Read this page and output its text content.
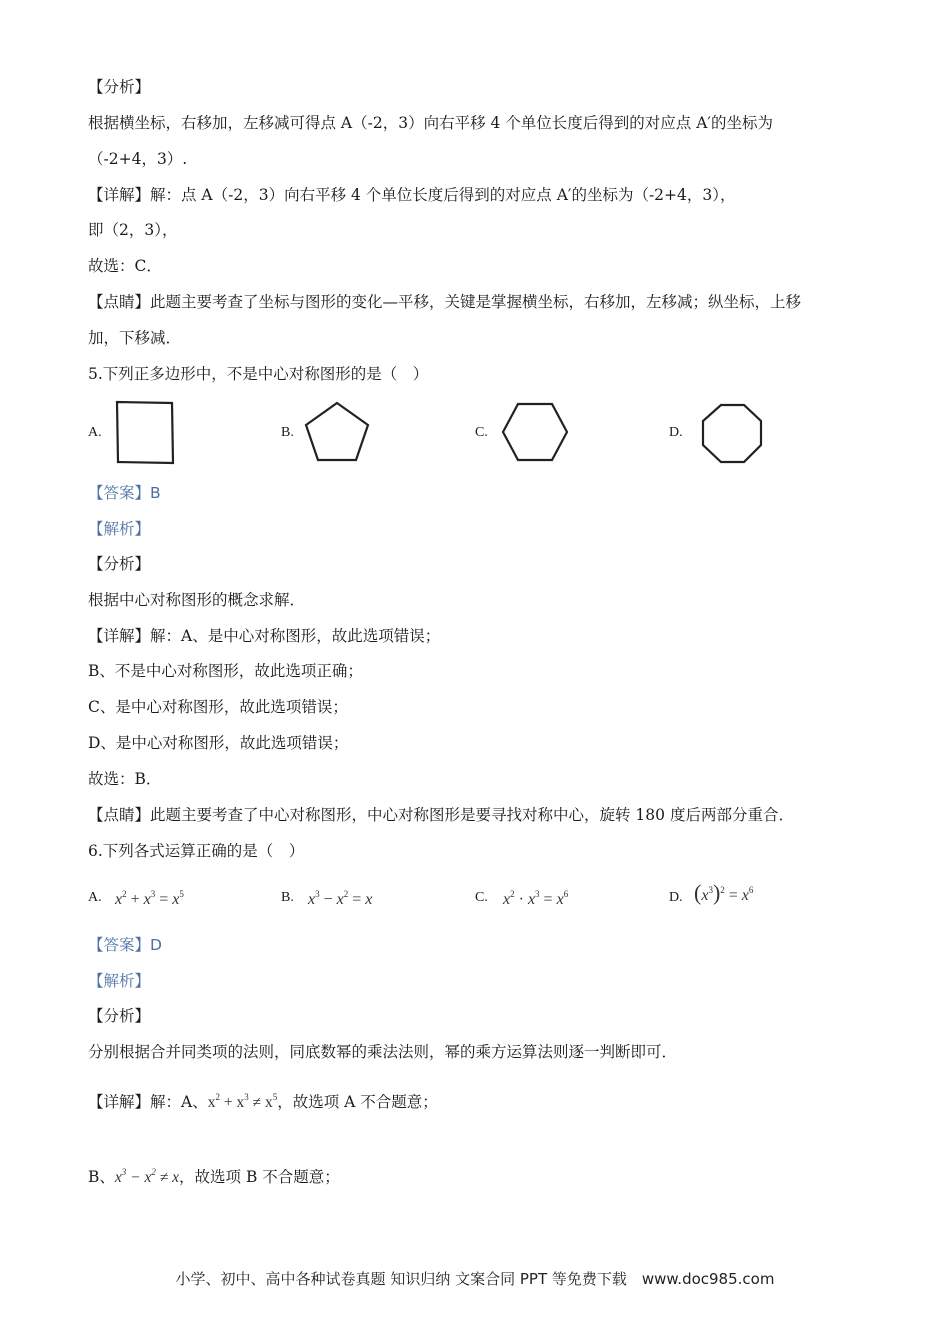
【分析】
根据横坐标，右移加，左移减可得点 A（-2，3）向右平移 4 个单位长度后得到的对应点 A′的坐标为
（-2+4，3）.
【详解】解：点 A（-2，3）向右平移 4 个单位长度后得到的对应点 A′的坐标为（-2+4，3），
即（2，3），
故选：C．
【点睛】此题主要考查了坐标与图形的变化—平移，关键是掌握横坐标，右移加，左移减；纵坐标，上移
加，下移减．
5.下列正多边形中，不是中心对称图形的是（　）
A.	B.	C.	D.
【答案】B
【解析】
【分析】
根据中心对称图形的概念求解．
【详解】解：A、是中心对称图形，故此选项错误；
B、不是中心对称图形，故此选项正确；
C、是中心对称图形，故此选项错误；
D、是中心对称图形，故此选项错误；
故选：B．
【点睛】此题主要考查了中心对称图形，中心对称图形是要寻找对称中心，旋转 180 度后两部分重合．
6.下列各式运算正确的是（　）
A. $x^2 + x^3 = x^5$	B. $x^3 - x^2 = x$	C. $x^2 \cdot x^3 = x^6$	D. $(x^3)^2 = x^6$
【答案】D
【解析】
【分析】
分别根据合并同类项的法则，同底数幂的乘法法则，幂的乘方运算法则逐一判断即可．
【详解】解：A、$x^2 + x^3 \ne x^5$，故选项 A 不合题意；
B、$x^3 - x^2 \ne x$，故选项 B 不合题意；
小学、初中、高中各种试卷真题 知识归纳 文案合同 PPT 等免费下载　www.doc985.com
